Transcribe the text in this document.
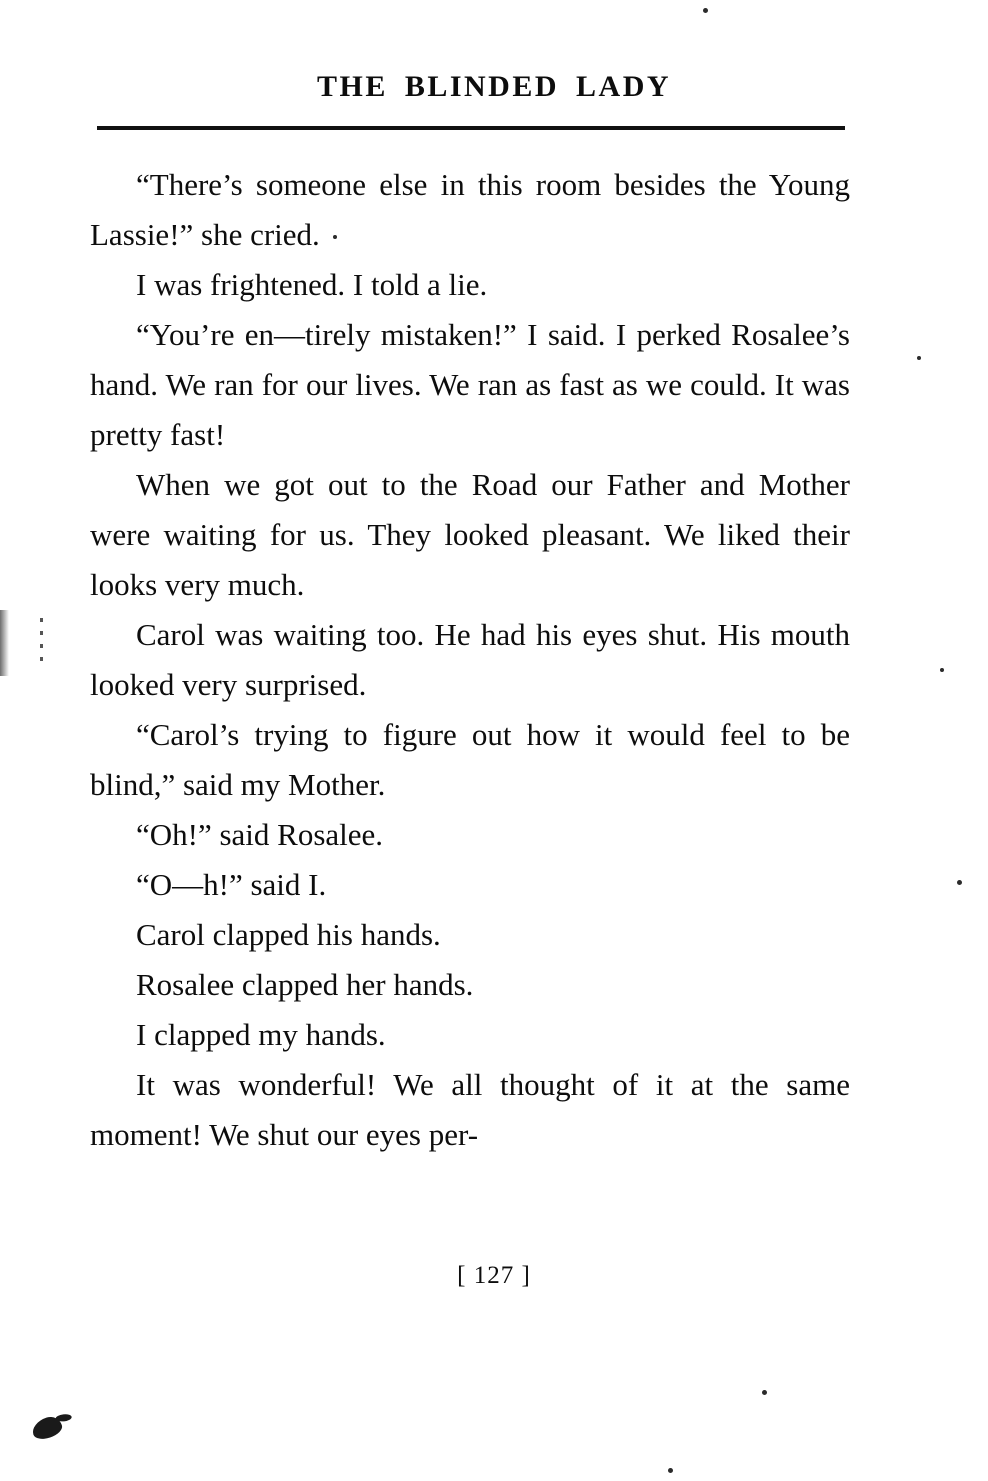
THE BLINDED LADY

“There’s someone else in this room besides the Young Lassie!” she cried.

I was frightened. I told a lie.

“You’re en—tirely mistaken!” I said. I perked Rosalee’s hand. We ran for our lives. We ran as fast as we could. It was pretty fast!

When we got out to the Road our Father and Mother were waiting for us. They looked pleasant. We liked their looks very much.

Carol was waiting too. He had his eyes shut. His mouth looked very surprised.

“Carol’s trying to figure out how it would feel to be blind,” said my Mother.

“Oh!” said Rosalee.

“O—h!” said I.

Carol clapped his hands.

Rosalee clapped her hands.

I clapped my hands.

It was wonderful! We all thought of it at the same moment! We shut our eyes per-

[ 127 ]
